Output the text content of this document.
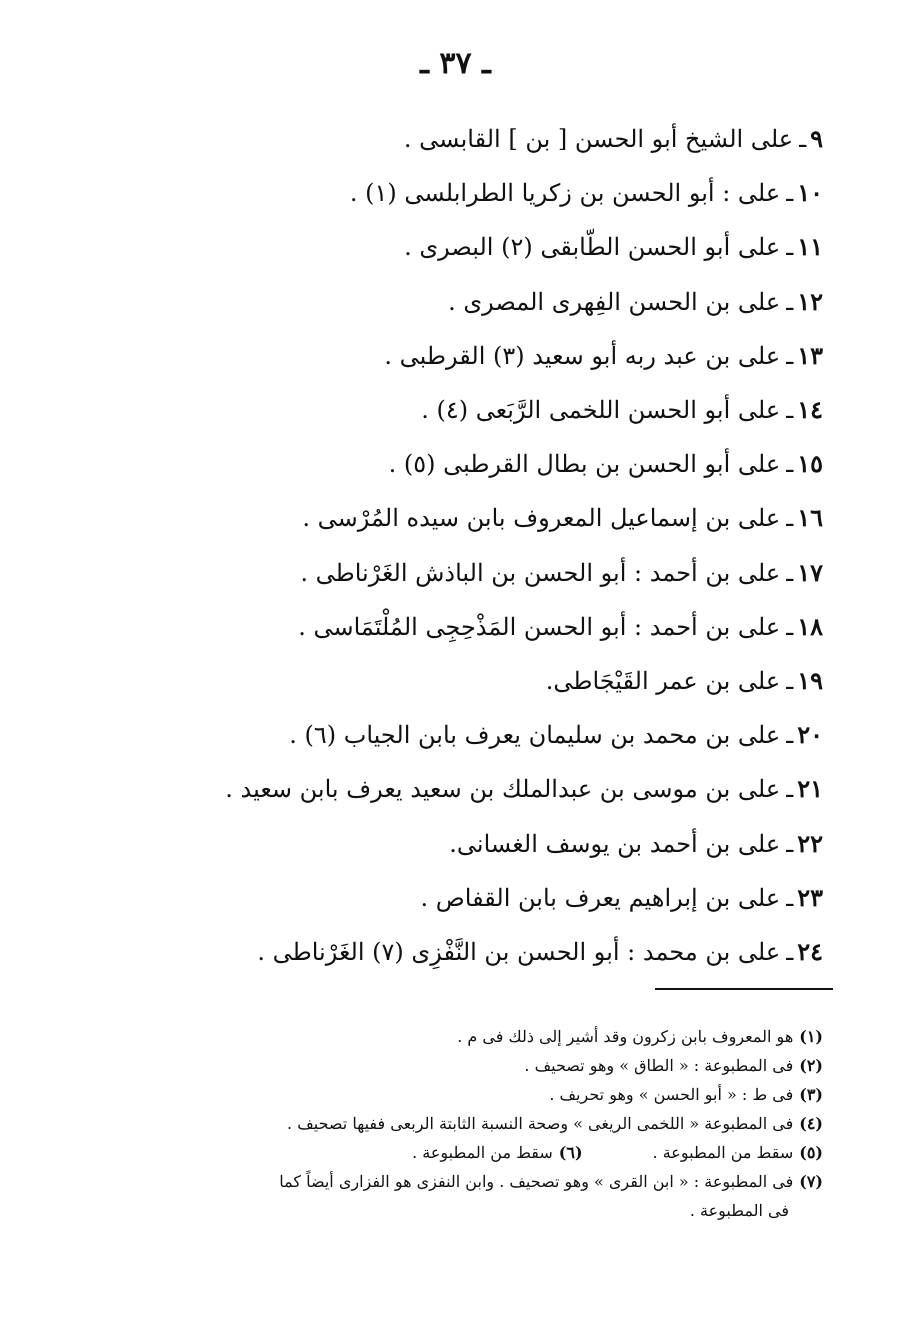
ـ ٣٧ ـ
٩
ـ
على الشيخ أبو الحسن [ بن ] القابسى .
١٠
ـ
على : أبو الحسن بن زكريا الطرابلسى (١) .
١١
ـ
على أبو الحسن الطّابقى (٢) البصرى .
١٢
ـ
على بن الحسن الفِهرى المصرى .
١٣
ـ
على بن عبد ربه أبو سعيد (٣) القرطبى .
١٤
ـ
على أبو الحسن اللخمى الرَّبَعى (٤) .
١٥
ـ
على أبو الحسن بن بطال القرطبى (٥) .
١٦
ـ
على بن إسماعيل المعروف بابن سيده المُرْسى .
١٧
ـ
على بن أحمد : أبو الحسن بن الباذش الغَرْناطى .
١٨
ـ
على بن أحمد : أبو الحسن المَذْحِجِى المُلْتَمَاسى .
١٩
ـ
على بن عمر القَيْجَاطى.
٢٠
ـ
على بن محمد بن سليمان يعرف بابن الجياب (٦) .
٢١
ـ
على بن موسى بن عبدالملك بن سعيد يعرف بابن سعيد .
٢٢
ـ
على بن أحمد بن يوسف الغسانى.
٢٣
ـ
على بن إبراهيم يعرف بابن القفاص .
٢٤
ـ
على بن محمد : أبو الحسن بن النَّفْزِى (٧) الغَرْناطى .
(١)هو المعروف بابن زكرون وقد أشير إلى ذلك فى م .
(٢)فى المطبوعة : « الطاق » وهو تصحيف .
(٣)فى ط : « أبو الحسن » وهو تحريف .
(٤)فى المطبوعة « اللخمى الريغى » وصحة النسبة الثابتة الربعى ففيها تصحيف .
(٥)سقط من المطبوعة .
(٦)سقط من المطبوعة .
(٧)فى المطبوعة : « ابن القرى » وهو تصحيف . وابن النفزى هو الفزارى أيضاً كما
فى المطبوعة .
